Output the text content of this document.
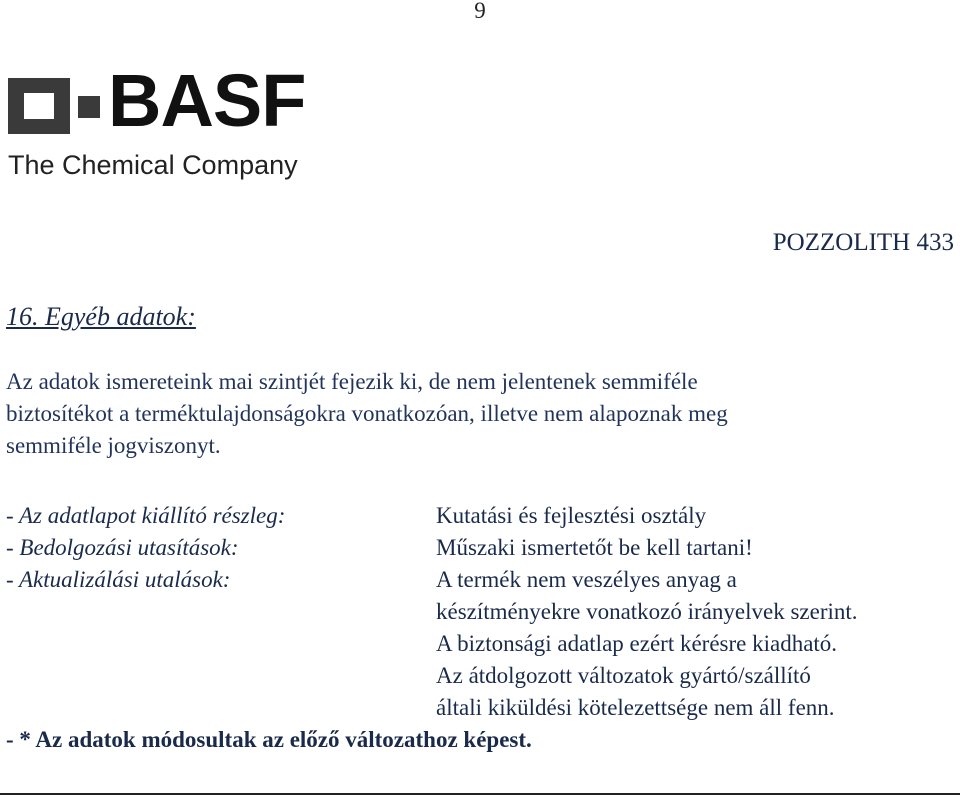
9
BASF
The Chemical Company
POZZOLITH 433
16. Egyéb adatok:
Az adatok ismereteink mai szintjét fejezik ki, de nem jelentenek semmiféle
biztosítékot a terméktulajdonságokra vonatkozóan, illetve nem alapoznak meg
semmiféle jogviszonyt.
- Az adatlapot kiállító részleg:	Kutatási és fejlesztési osztály
- Bedolgozási utasítások:	Műszaki ismertetőt be kell tartani!
- Aktualizálási utalások:	A termék nem veszélyes anyag a
készítményekre vonatkozó irányelvek szerint.
A biztonsági adatlap ezért kérésre kiadható.
Az átdolgozott változatok gyártó/szállító
általi kiküldési kötelezettsége nem áll fenn.
- * Az adatok módosultak az előző változathoz képest.
